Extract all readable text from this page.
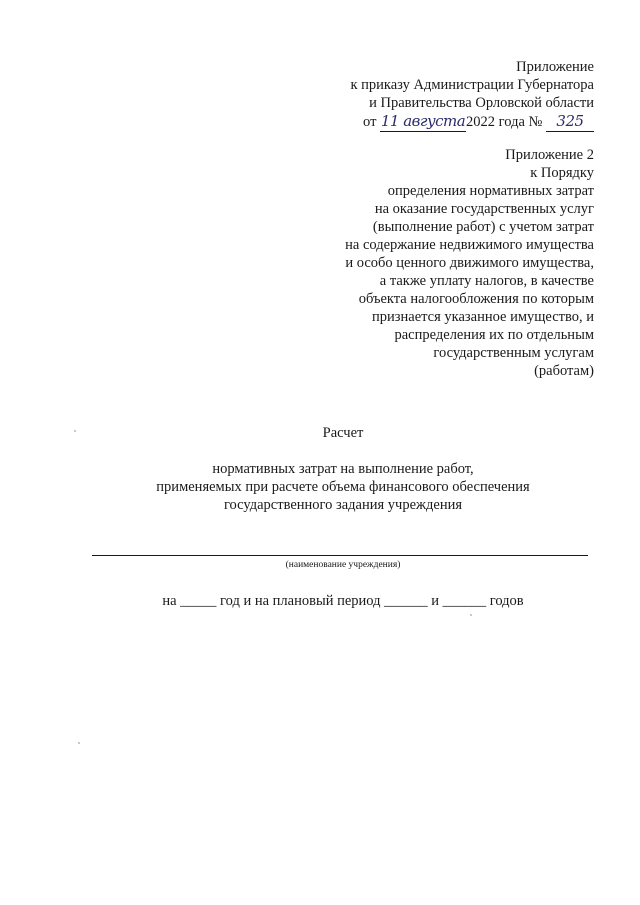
Приложение
к приказу Администрации Губернатора
и Правительства Орловской области
от 11 августа2022 года № 325
Приложение 2
к Порядку
определения нормативных затрат
на оказание государственных услуг
(выполнение работ) с учетом затрат
на содержание недвижимого имущества
и особо ценного движимого имущества,
а также уплату налогов, в качестве
объекта налогообложения по которым
признается указанное имущество, и
распределения их по отдельным
государственным услугам
(работам)
Расчет
нормативных затрат на выполнение работ,
применяемых при расчете объема финансового обеспечения
государственного задания учреждения
(наименование учреждения)
на _____ год и на плановый период ______ и ______ годов
